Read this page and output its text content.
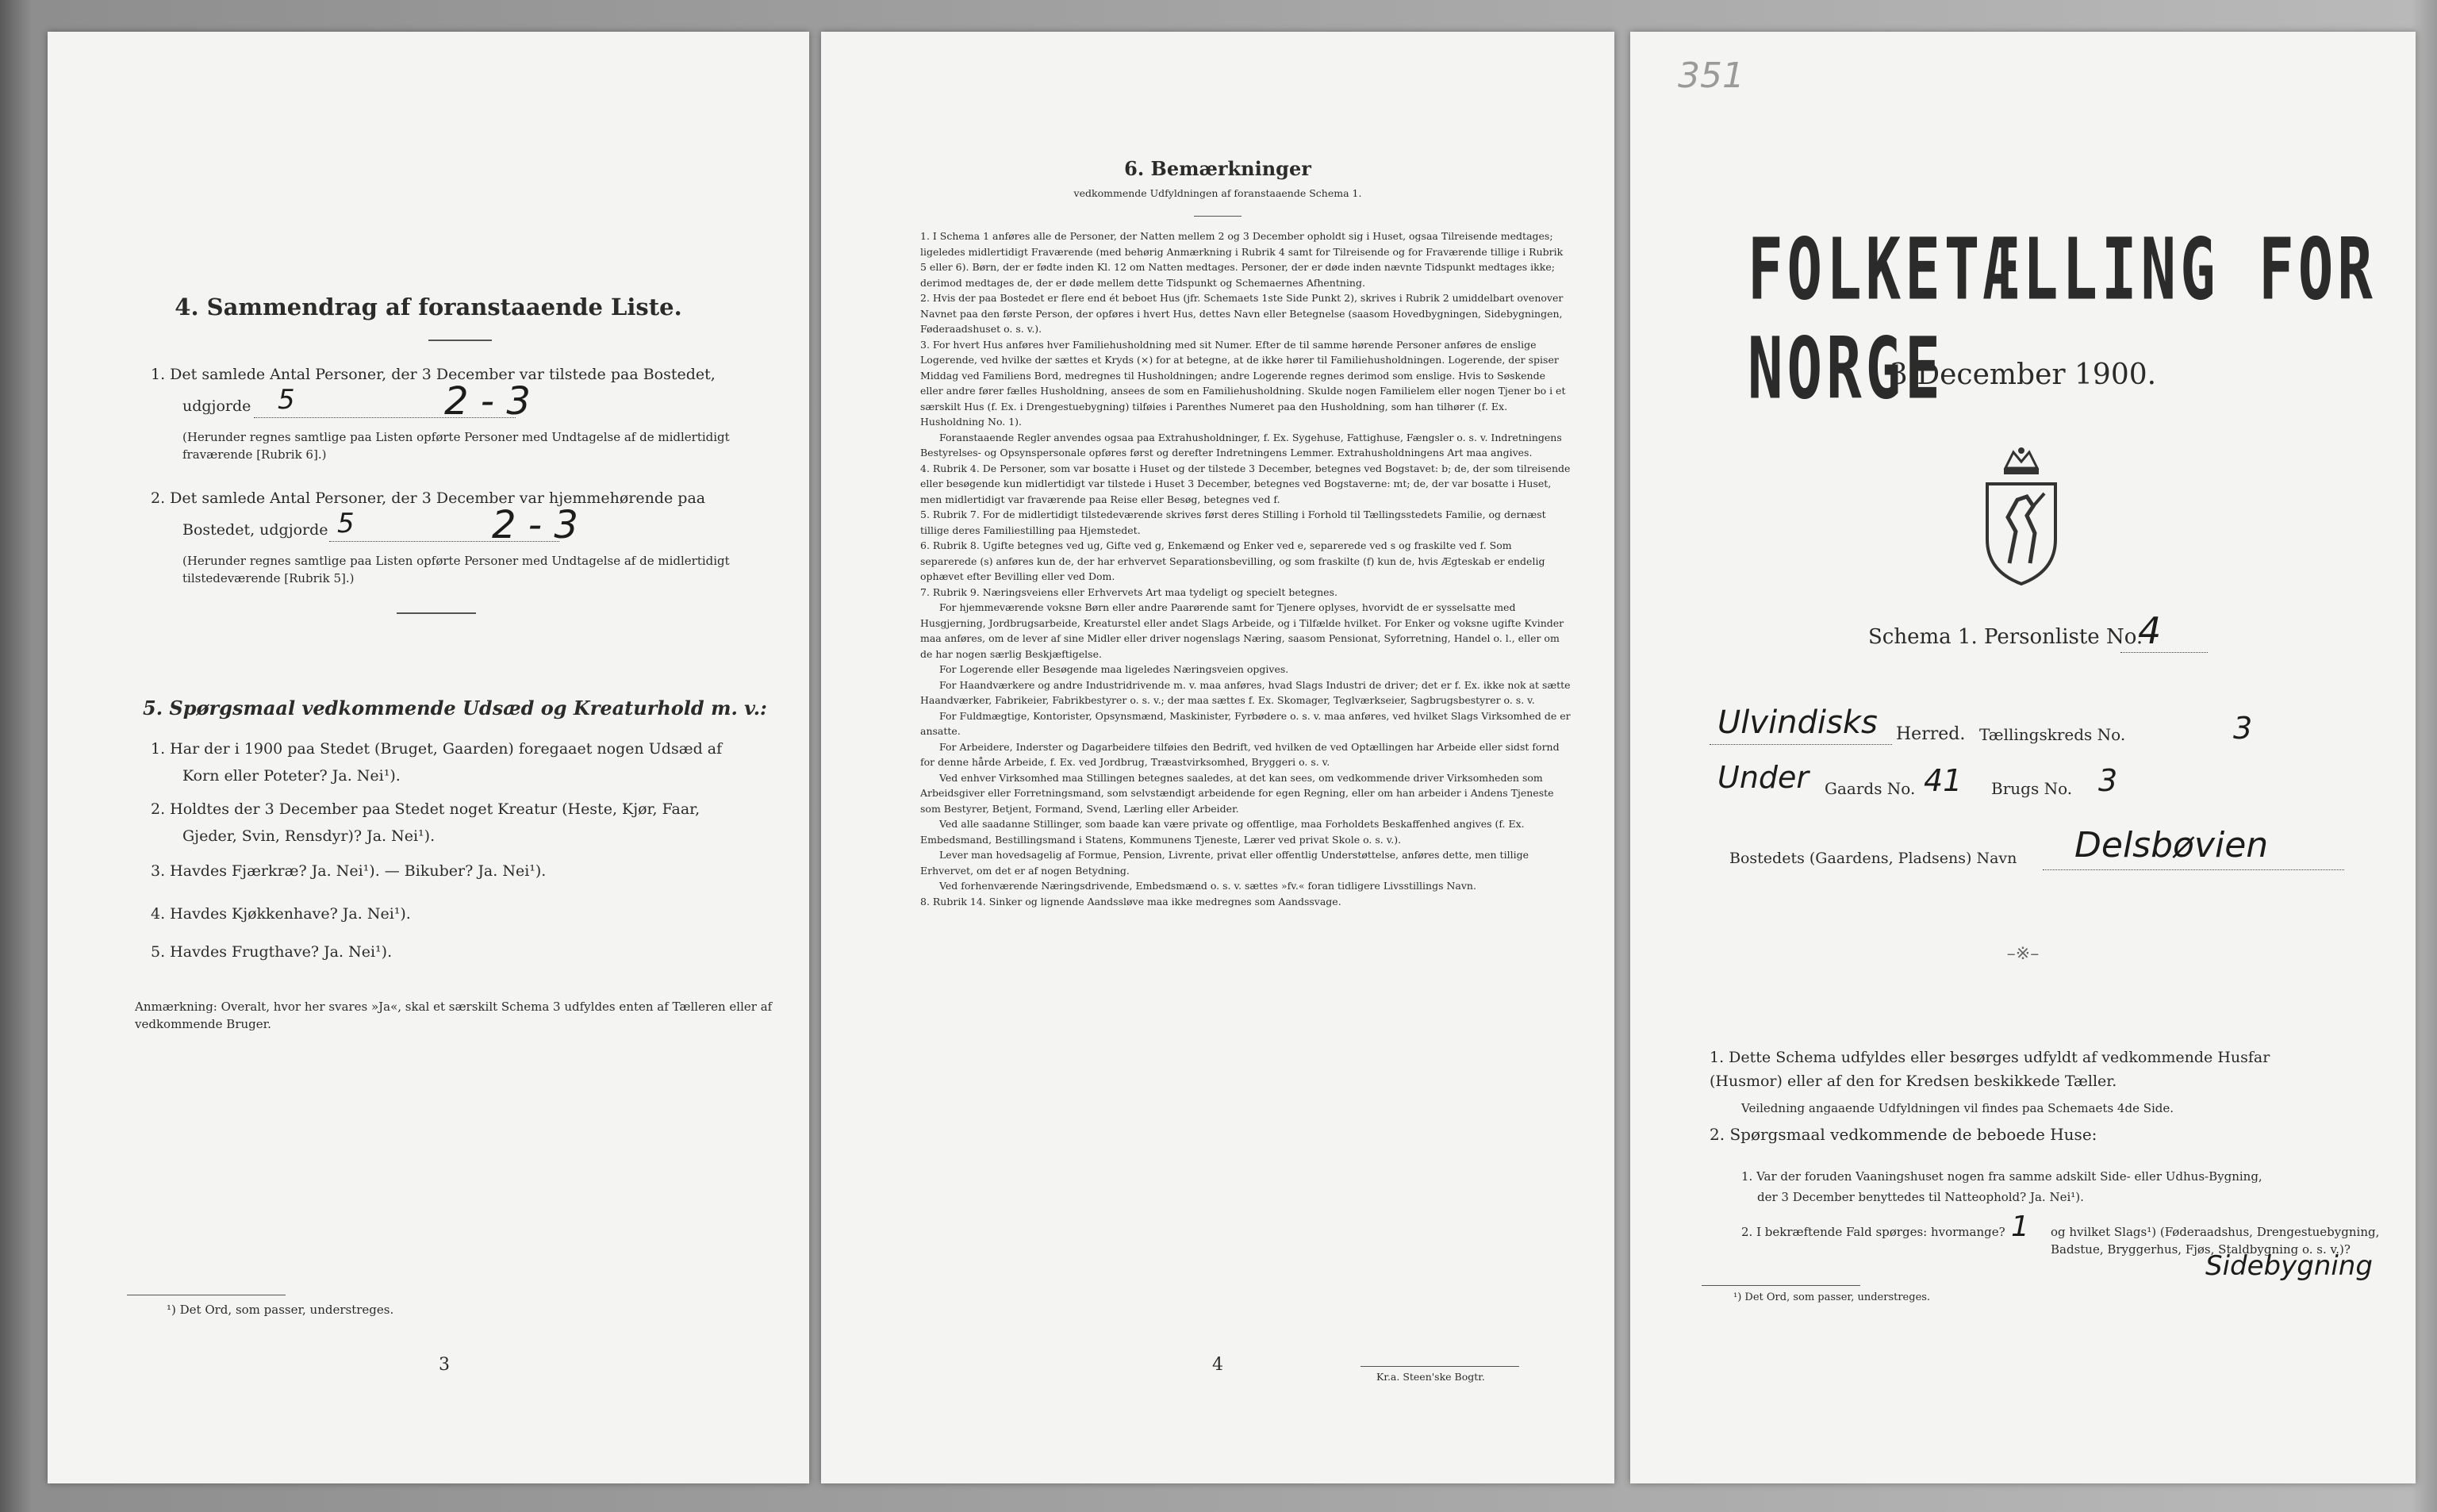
4. Sammendrag af foranstaaende Liste.
1. Det samlede Antal Personer, der 3 December var tilstede paa Bostedet,
udgjorde 5	2 - 3
(Herunder regnes samtlige paa Listen opførte Personer med Undtagelse af de midlertidigt fraværende [Rubrik 6].)
2. Det samlede Antal Personer, der 3 December var hjemmehørende paa
Bostedet, udgjorde 5	2 - 3
(Herunder regnes samtlige paa Listen opførte Personer med Undtagelse af de midlertidigt tilstedeværende [Rubrik 5].)
5. Spørgsmaal vedkommende Udsæd og Kreaturhold m. v.:
1. Har der i 1900 paa Stedet (Bruget, Gaarden) foregaaet nogen Udsæd af
Korn eller Poteter? Ja. Nei¹).
2. Holdtes der 3 December paa Stedet noget Kreatur (Heste, Kjør, Faar,
Gjeder, Svin, Rensdyr)? Ja. Nei¹).
3. Havdes Fjærkræ? Ja. Nei¹). — Bikuber? Ja. Nei¹).
4. Havdes Kjøkkenhave? Ja. Nei¹).
5. Havdes Frugthave? Ja. Nei¹).
Anmærkning: Overalt, hvor her svares »Ja«, skal et særskilt Schema 3 udfyldes enten af Tælleren eller af vedkommende Bruger.
¹) Det Ord, som passer, understreges.
3
6. Bemærkninger
vedkommende Udfyldningen af foranstaaende Schema 1.
1. I Schema 1 anføres alle de Personer, der Natten mellem 2 og 3 December opholdt sig i Huset, ogsaa Tilreisende medtages; ligeledes midlertidigt Fraværende (med behørig Anmærkning i Rubrik 4 samt for Tilreisende og for Fraværende tillige i Rubrik 5 eller 6). Børn, der er fødte inden Kl. 12 om Natten medtages. Personer, der er døde inden nævnte Tidspunkt medtages ikke; derimod medtages de, der er døde mellem dette Tidspunkt og Schemaernes Afhentning.
2. Hvis der paa Bostedet er flere end ét beboet Hus (jfr. Schemaets 1ste Side Punkt 2), skrives i Rubrik 2 umiddelbart ovenover Navnet paa den første Person, der opføres i hvert Hus, dettes Navn eller Betegnelse (saasom Hovedbygningen, Sidebygningen, Føderaadshuset o. s. v.).
3. For hvert Hus anføres hver Familiehusholdning med sit Numer. Efter de til samme hørende Personer anføres de enslige Logerende, ved hvilke der sættes et Kryds (×) for at betegne, at de ikke hører til Familiehusholdningen. Logerende, der spiser Middag ved Familiens Bord, medregnes til Husholdningen; andre Logerende regnes derimod som enslige. Hvis to Søskende eller andre fører fælles Husholdning, ansees de som en Familiehusholdning. Skulde nogen Familielem eller nogen Tjener bo i et særskilt Hus (f. Ex. i Drengestuebygning) tilføies i Parenthes Numeret paa den Husholdning, som han tilhører (f. Ex. Husholdning No. 1).
Foranstaaende Regler anvendes ogsaa paa Extrahusholdninger, f. Ex. Sygehuse, Fattighuse, Fængsler o. s. v. Indretningens Bestyrelses- og Opsynspersonale opføres først og derefter Indretningens Lemmer. Extrahusholdningens Art maa angives.
4. Rubrik 4. De Personer, som var bosatte i Huset og der tilstede 3 December, betegnes ved Bogstavet: b; de, der som tilreisende eller besøgende kun midlertidigt var tilstede i Huset 3 December, betegnes ved Bogstaverne: mt; de, der var bosatte i Huset, men midlertidigt var fraværende paa Reise eller Besøg, betegnes ved f.
5. Rubrik 7. For de midlertidigt tilstedeværende skrives først deres Stilling i Forhold til Tællingsstedets Familie, og dernæst tillige deres Familiestilling paa Hjemstedet.
6. Rubrik 8. Ugifte betegnes ved ug, Gifte ved g, Enkemænd og Enker ved e, separerede ved s og fraskilte ved f. Som separerede (s) anføres kun de, der har erhvervet Separationsbevilling, og som fraskilte (f) kun de, hvis Ægteskab er endelig ophævet efter Bevilling eller ved Dom.
7. Rubrik 9. Næringsveiens eller Erhvervets Art maa tydeligt og specielt betegnes.
For hjemmeværende voksne Børn eller andre Paarørende samt for Tjenere oplyses, hvorvidt de er sysselsatte med Husgjerning, Jordbrugsarbeide, Kreaturstel eller andet Slags Arbeide, og i Tilfælde hvilket. For Enker og voksne ugifte Kvinder maa anføres, om de lever af sine Midler eller driver nogenslags Næring, saasom Pensionat, Syforretning, Handel o. l., eller om de har nogen særlig Beskjæftigelse.
For Logerende eller Besøgende maa ligeledes Næringsveien opgives.
For Haandværkere og andre Industridrivende m. v. maa anføres, hvad Slags Industri de driver; det er f. Ex. ikke nok at sætte Haandværker, Fabrikeier, Fabrikbestyrer o. s. v.; der maa sættes f. Ex. Skomager, Teglværkseier, Sagbrugsbestyrer o. s. v.
For Fuldmægtige, Kontorister, Opsynsmænd, Maskinister, Fyrbødere o. s. v. maa anføres, ved hvilket Slags Virksomhed de er ansatte.
For Arbeidere, Inderster og Dagarbeidere tilføies den Bedrift, ved hvilken de ved Optællingen har Arbeide eller sidst fornd for denne hårde Arbeide, f. Ex. ved Jordbrug, Træastvirksomhed, Bryggeri o. s. v.
Ved enhver Virksomhed maa Stillingen betegnes saaledes, at det kan sees, om vedkommende driver Virksomheden som Arbeidsgiver eller Forretningsmand, som selvstændigt arbeidende for egen Regning, eller om han arbeider i Andens Tjeneste som Bestyrer, Betjent, Formand, Svend, Lærling eller Arbeider.
Ved alle saadanne Stillinger, som baade kan være private og offentlige, maa Forholdets Beskaffenhed angives (f. Ex. Embedsmand, Bestillingsmand i Statens, Kommunens Tjeneste, Lærer ved privat Skole o. s. v.).
Lever man hovedsagelig af Formue, Pension, Livrente, privat eller offentlig Understøttelse, anføres dette, men tillige Erhvervet, om det er af nogen Betydning.
Ved forhenværende Næringsdrivende, Embedsmænd o. s. v. sættes »fv.« foran tidligere Livsstillings Navn.
8. Rubrik 14. Sinker og lignende Aandssløve maa ikke medregnes som Aandssvage.
4
Kr.a. Steen'ske Bogtr.
351
FOLKETÆLLING FOR NORGE
3 December 1900.
Schema 1. Personliste No.
4
Ulvindisks Herred. Tællingskreds No.	3
Under Gaards No. 41 Brugs No. 3
Bostedets (Gaardens, Pladsens) Navn Delsbøvien
–※–
1. Dette Schema udfyldes eller besørges udfyldt af vedkommende Husfar (Husmor) eller af den for Kredsen beskikkede Tæller.
Veiledning angaaende Udfyldningen vil findes paa Schemaets 4de Side.
2. Spørgsmaal vedkommende de beboede Huse:
1. Var der foruden Vaaningshuset nogen fra samme adskilt Side- eller Udhus-Bygning,
der 3 December benyttedes til Natteophold? Ja. Nei¹).
2. I bekræftende Fald spørges: hvormange? 1 og hvilket Slags¹) (Føderaadshus, Drengestuebygning, Badstue, Bryggerhus, Fjøs, Staldbygning o. s. v.)?
Sidebygning
¹) Det Ord, som passer, understreges.
